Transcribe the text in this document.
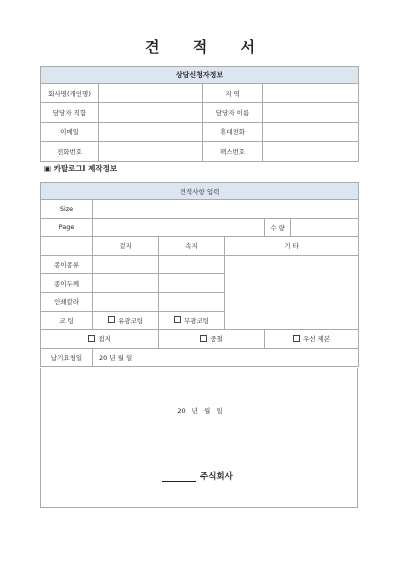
견 적 서
상담신청자정보			
회사명(개인명)		지 역	
담당자 직함		담당자 이름	
이메일		휴대전화	
전화번호		팩스번호	
▣ 카탈로그I 제작정보
견적사항 입력					
Size					
Page				수 량	
	겉지	속지	기 타		
종이종류					
종이두께					
인쇄칼라					
코 팅	유광코팅	무광코팅			
접지		중철		우선 제본	
납기요청일	20 년 월 일				
20 년 월 일
주식회사
